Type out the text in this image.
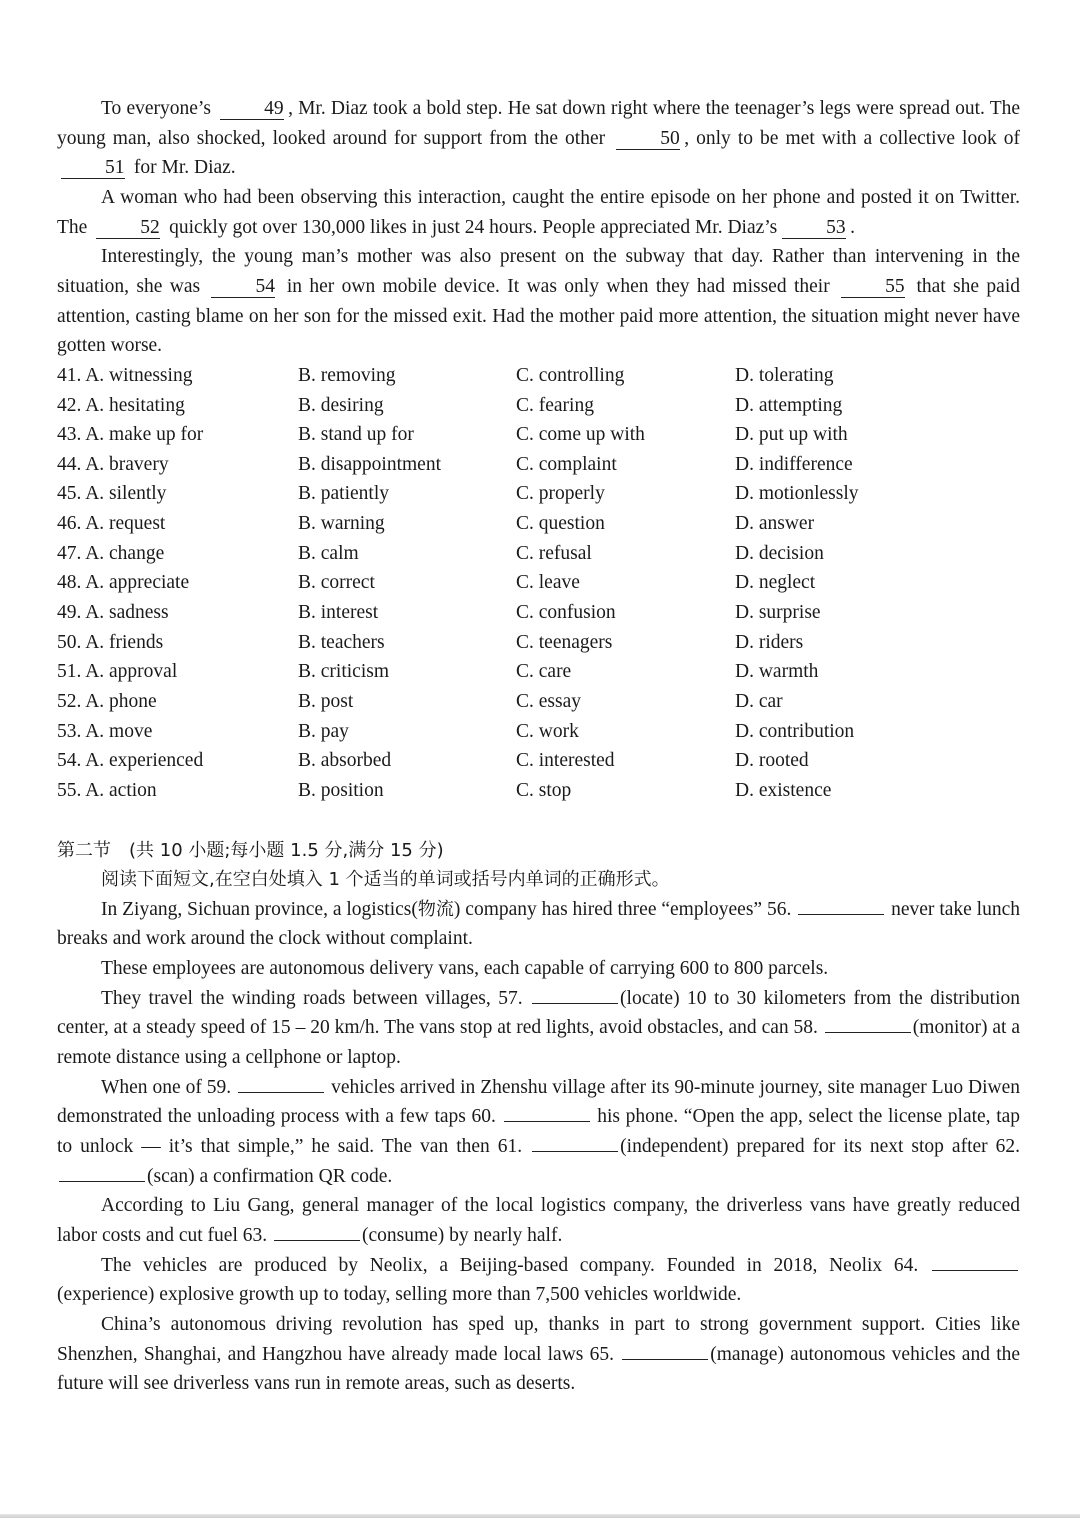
To everyone’s	49 , Mr. Diaz took a bold step. He sat down right where the teenager’s legs were spread out. The young man, also shocked, looked around for support from the other	50 , only to be met with a collective look of 51 for Mr. Diaz.

A woman who had been observing this interaction, caught the entire episode on her phone and posted it on Twitter. The	52 quickly got over 130,000 likes in just 24 hours. People appreciated Mr. Diaz’s	53 .

Interestingly, the young man’s mother was also present on the subway that day. Rather than intervening in the situation, she was	54 in her own mobile device. It was only when they had missed their	55 that she paid attention, casting blame on her son for the missed exit. Had the mother paid more attention, the situation might never have gotten worse.

41. A. witnessing	B. removing	C. controlling	D. tolerating
42. A. hesitating	B. desiring	C. fearing	D. attempting
43. A. make up for	B. stand up for	C. come up with	D. put up with
44. A. bravery	B. disappointment	C. complaint	D. indifference
45. A. silently	B. patiently	C. properly	D. motionlessly
46. A. request	B. warning	C. question	D. answer
47. A. change	B. calm	C. refusal	D. decision
48. A. appreciate	B. correct	C. leave	D. neglect
49. A. sadness	B. interest	C. confusion	D. surprise
50. A. friends	B. teachers	C. teenagers	D. riders
51. A. approval	B. criticism	C. care	D. warmth
52. A. phone	B. post	C. essay	D. car
53. A. move	B. pay	C. work	D. contribution
54. A. experienced	B. absorbed	C. interested	D. rooted
55. A. action	B. position	C. stop	D. existence

第二节　(共 10 小题;每小题 1.5 分,满分 15 分)

阅读下面短文,在空白处填入 1 个适当的单词或括号内单词的正确形式。

In Ziyang, Sichuan province, a logistics(物流) company has hired three “employees” 56.	never take lunch breaks and work around the clock without complaint.

These employees are autonomous delivery vans, each capable of carrying 600 to 800 parcels.

They travel the winding roads between villages, 57.	(locate) 10 to 30 kilometers from the distribution center, at a steady speed of 15 – 20 km/h. The vans stop at red lights, avoid obstacles, and can 58.	(monitor) at a remote distance using a cellphone or laptop.

When one of 59.	vehicles arrived in Zhenshu village after its 90-minute journey, site manager Luo Diwen demonstrated the unloading process with a few taps 60.	his phone. “Open the app, select the license plate, tap to unlock — it’s that simple,” he said. The van then 61.	(independent) prepared for its next stop after 62. (scan) a confirmation QR code.

According to Liu Gang, general manager of the local logistics company, the driverless vans have greatly reduced labor costs and cut fuel 63.	(consume) by nearly half.

The vehicles are produced by Neolix, a Beijing-based company. Founded in 2018, Neolix 64.  (experience) explosive growth up to today, selling more than 7,500 vehicles worldwide.

China’s autonomous driving revolution has sped up, thanks in part to strong government support. Cities like Shenzhen, Shanghai, and Hangzhou have already made local laws 65.	(manage) autonomous vehicles and the future will see driverless vans run in remote areas, such as deserts.
